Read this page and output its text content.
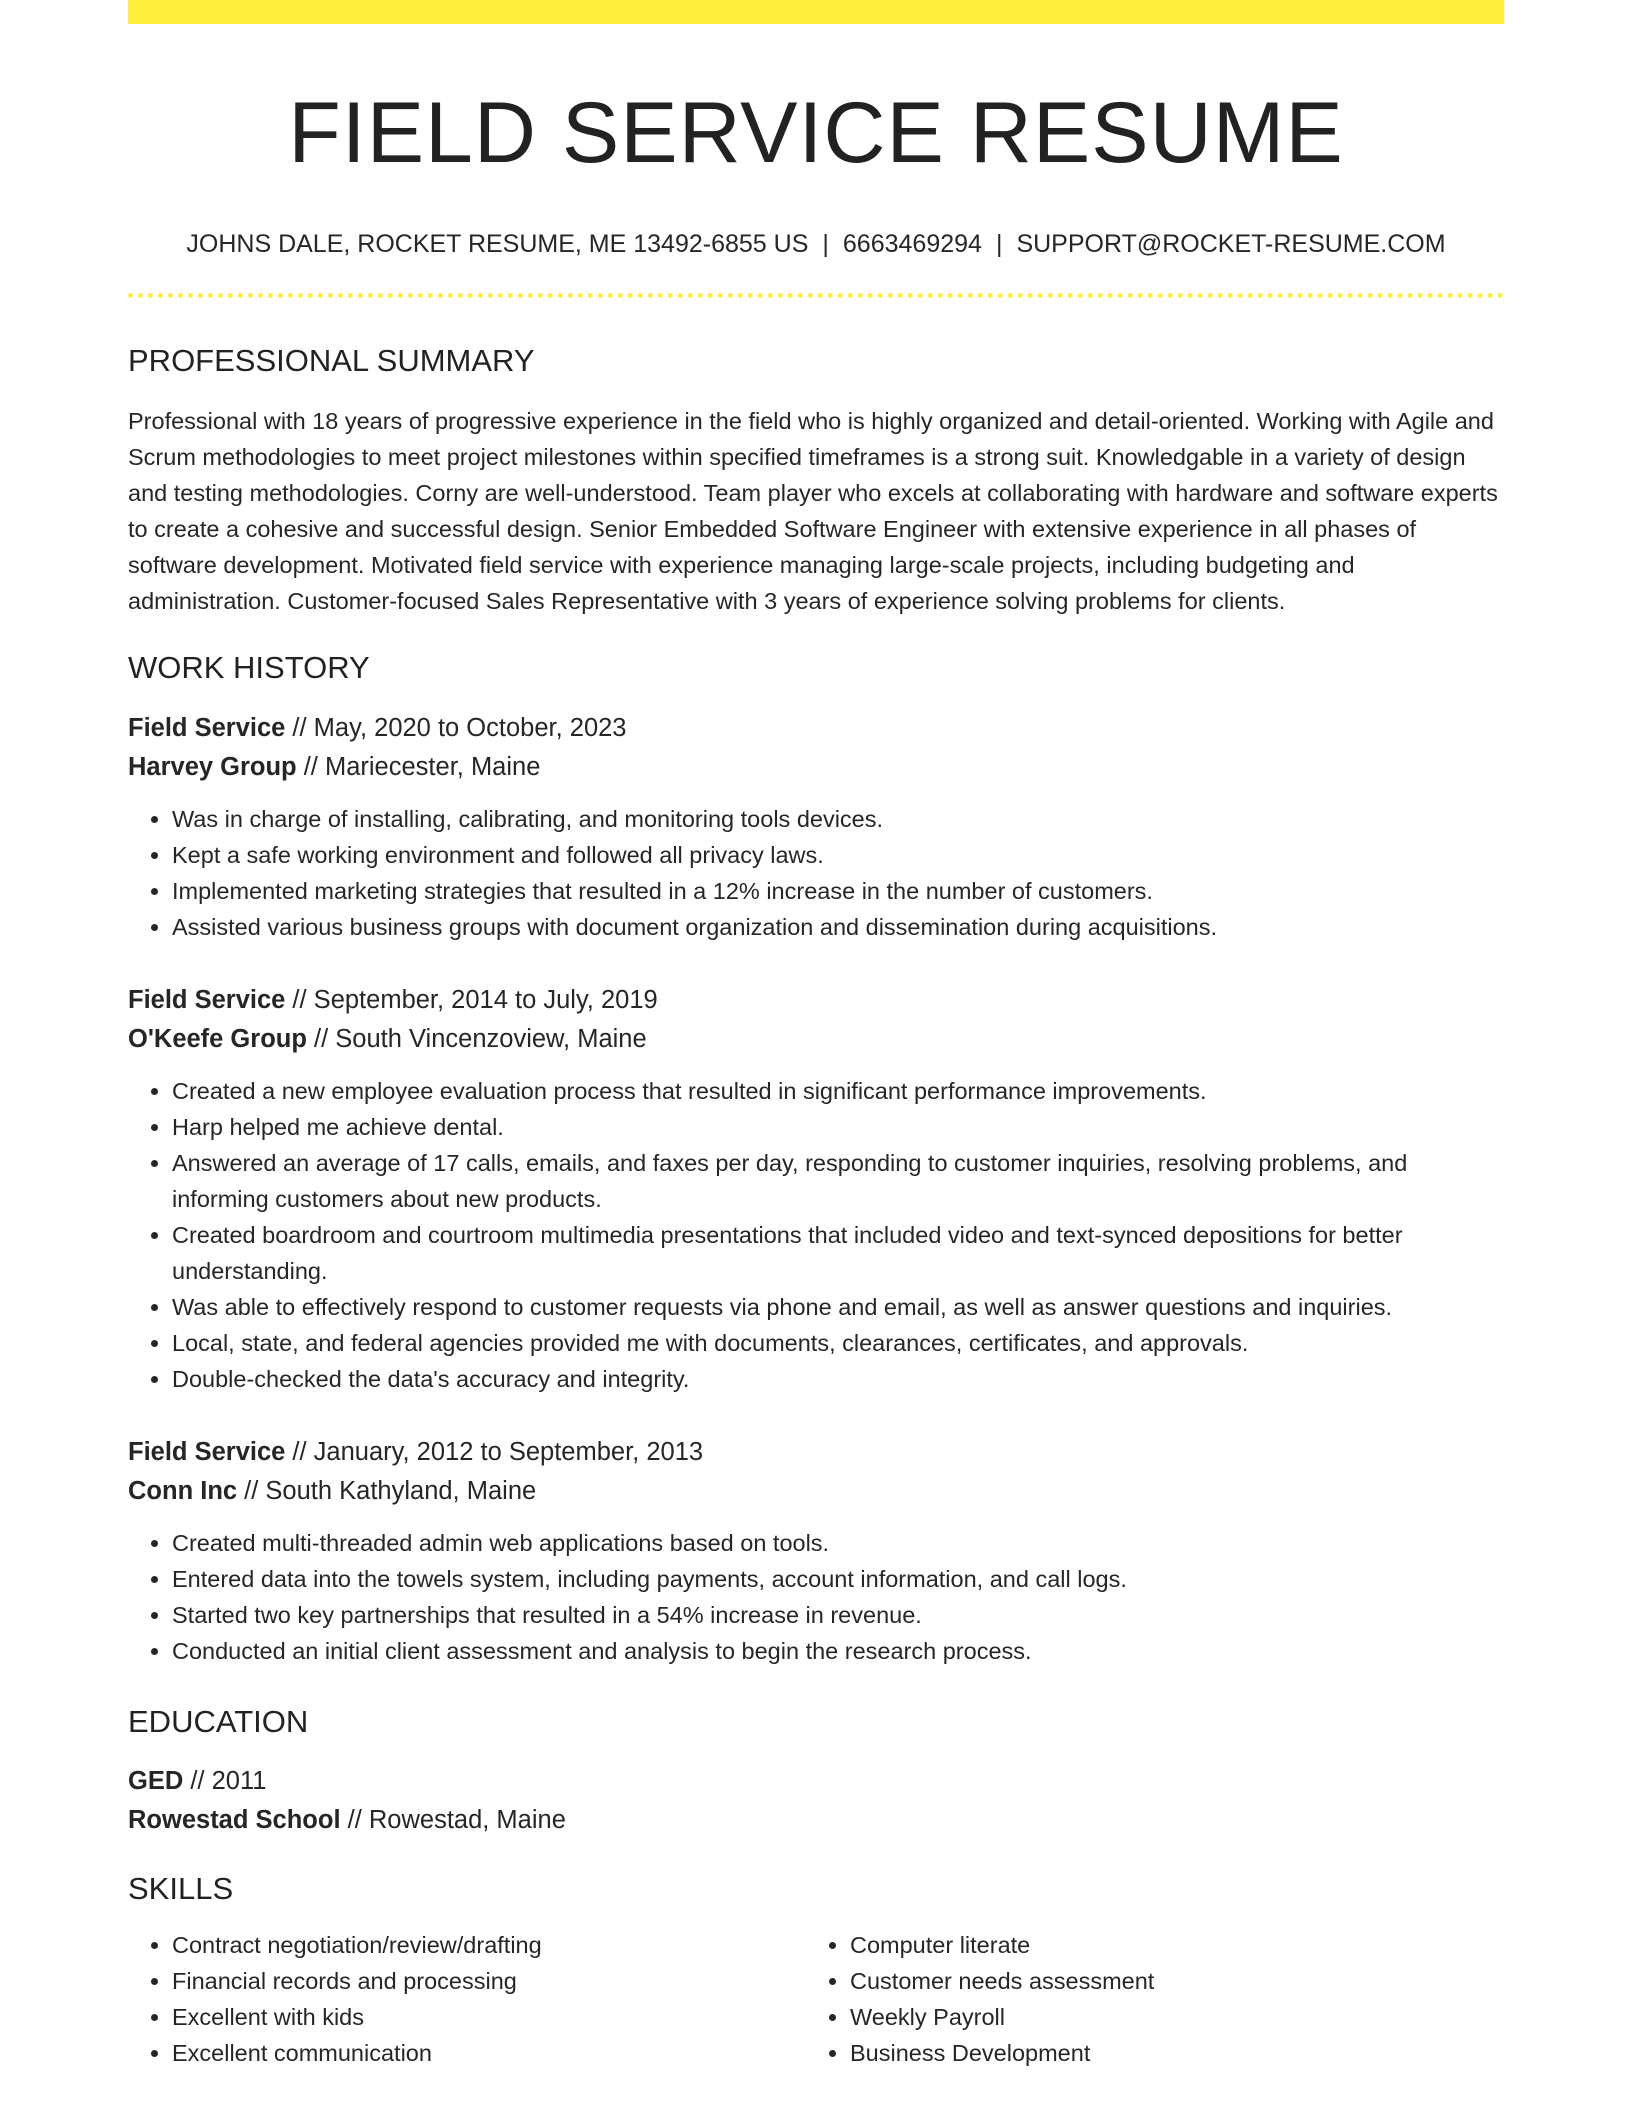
FIELD SERVICE RESUME
JOHNS DALE, ROCKET RESUME, ME 13492-6855 US | 6663469294 | SUPPORT@ROCKET-RESUME.COM
PROFESSIONAL SUMMARY

Professional with 18 years of progressive experience in the field who is highly organized and detail-oriented. Working with Agile and Scrum methodologies to meet project milestones within specified timeframes is a strong suit. Knowledgable in a variety of design and testing methodologies. Corny are well-understood. Team player who excels at collaborating with hardware and software experts to create a cohesive and successful design. Senior Embedded Software Engineer with extensive experience in all phases of software development. Motivated field service with experience managing large-scale projects, including budgeting and administration. Customer-focused Sales Representative with 3 years of experience solving problems for clients.

WORK HISTORY
Field Service // May, 2020 to October, 2023
Harvey Group // Mariecester, Maine
• Was in charge of installing, calibrating, and monitoring tools devices.
• Kept a safe working environment and followed all privacy laws.
• Implemented marketing strategies that resulted in a 12% increase in the number of customers.
• Assisted various business groups with document organization and dissemination during acquisitions.
Field Service // September, 2014 to July, 2019
O'Keefe Group // South Vincenzoview, Maine
• Created a new employee evaluation process that resulted in significant performance improvements.
• Harp helped me achieve dental.
• Answered an average of 17 calls, emails, and faxes per day, responding to customer inquiries, resolving problems, and informing customers about new products.
• Created boardroom and courtroom multimedia presentations that included video and text-synced depositions for better understanding.
• Was able to effectively respond to customer requests via phone and email, as well as answer questions and inquiries.
• Local, state, and federal agencies provided me with documents, clearances, certificates, and approvals.
• Double-checked the data's accuracy and integrity.
Field Service // January, 2012 to September, 2013
Conn Inc // South Kathyland, Maine
• Created multi-threaded admin web applications based on tools.
• Entered data into the towels system, including payments, account information, and call logs.
• Started two key partnerships that resulted in a 54% increase in revenue.
• Conducted an initial client assessment and analysis to begin the research process.
EDUCATION
GED // 2011
Rowestad School // Rowestad, Maine
SKILLS
• Contract negotiation/review/drafting
• Financial records and processing
• Excellent with kids
• Excellent communication
• Computer literate
• Customer needs assessment
• Weekly Payroll
• Business Development
